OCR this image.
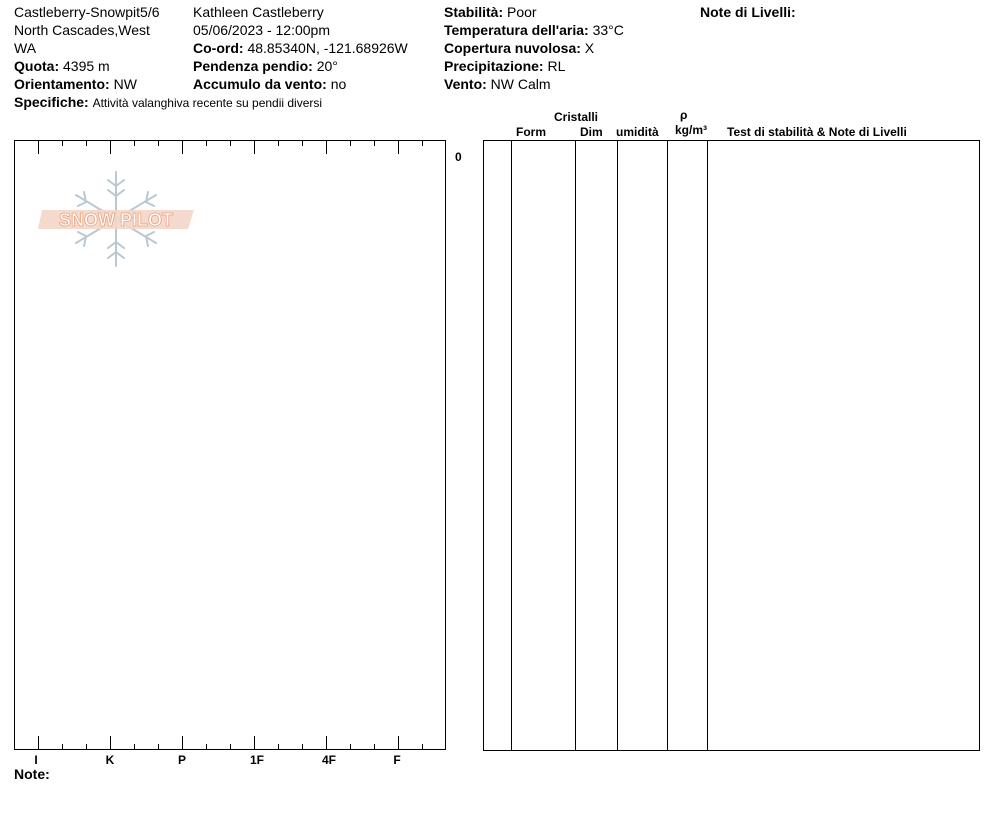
Castleberry-Snowpit5/6
North Cascades,West
WA
Quota: 4395 m
Orientamento: NW
Specifiche: Attività valanghiva recente su pendii diversi
Kathleen Castleberry
05/06/2023 - 12:00pm
Co-ord: 48.85340N, -121.68926W
Pendenza pendio: 20°
Accumulo da vento: no
Stabilità: Poor
Temperatura dell'aria: 33°C
Copertura nuvolosa: X
Precipitazione: RL
Vento: NW Calm
Note di Livelli:
0
I	K	P	1F	4F	F
Note:
SNOW PILOT
Cristalli
Form	Dim umidità
ρ
kg/m³ Test di stabilità & Note di Livelli
